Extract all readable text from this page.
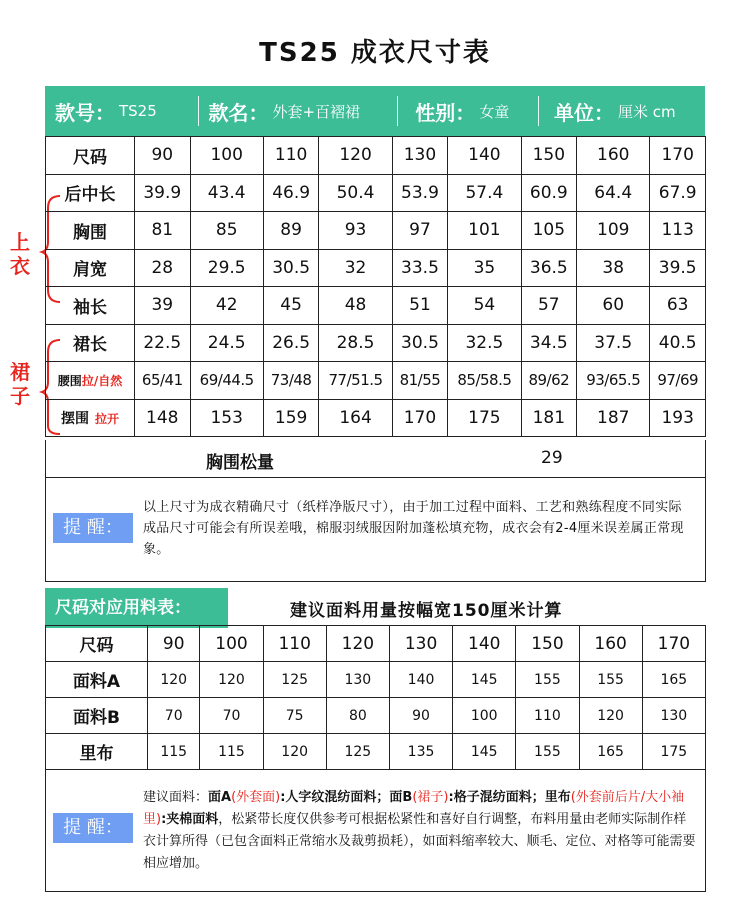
TS25 成衣尺寸表
款号： TS25	款名： 外套+百褶裙	性别： 女童 单位： 厘米 cm
上衣
裙子
尺码	90	100	110	120	130	140	150	160	170
后中长	39.9	43.4	46.9	50.4	53.9	57.4	60.9	64.4	67.9
胸围	81	85	89	93	97	101	105	109	113
肩宽	28	29.5	30.5	32	33.5	35	36.5	38	39.5
袖长	39	42	45	48	51	54	57	60	63
裙长	22.5	24.5	26.5	28.5	30.5	32.5	34.5	37.5	40.5
腰围拉/自然	65/41	69/44.5	73/48	77/51.5	81/55	85/58.5	89/62	93/65.5	97/69
摆围 拉开	148	153	159	164	170	175	181	187	193
胸围松量	29
提 醒：
以上尺寸为成衣精确尺寸（纸样净版尺寸），由于加工过程中面料、工艺和熟练程度不同实际成品尺寸可能会有所误差哦，棉服羽绒服因附加蓬松填充物，成衣会有2-4厘米误差属正常现象。
尺码对应用料表：	建议面料用量按幅宽150厘米计算
尺码	90	100	110	120	130	140	150	160	170
面料A	120	120	125	130	140	145	155	155	165
面料B	70	70	75	80	90	100	110	120	130
里布	115	115	120	125	135	145	155	165	175
提 醒：
建议面料：面A(外套面):人字纹混纺面料；面B(裙子):格子混纺面料；里布(外套前后片/大小袖里):夹棉面料，松紧带长度仅供参考可根据松紧性和喜好自行调整，布料用量由老师实际制作样衣计算所得（已包含面料正常缩水及裁剪损耗），如面料缩率较大、顺毛、定位、对格等可能需要相应增加。
